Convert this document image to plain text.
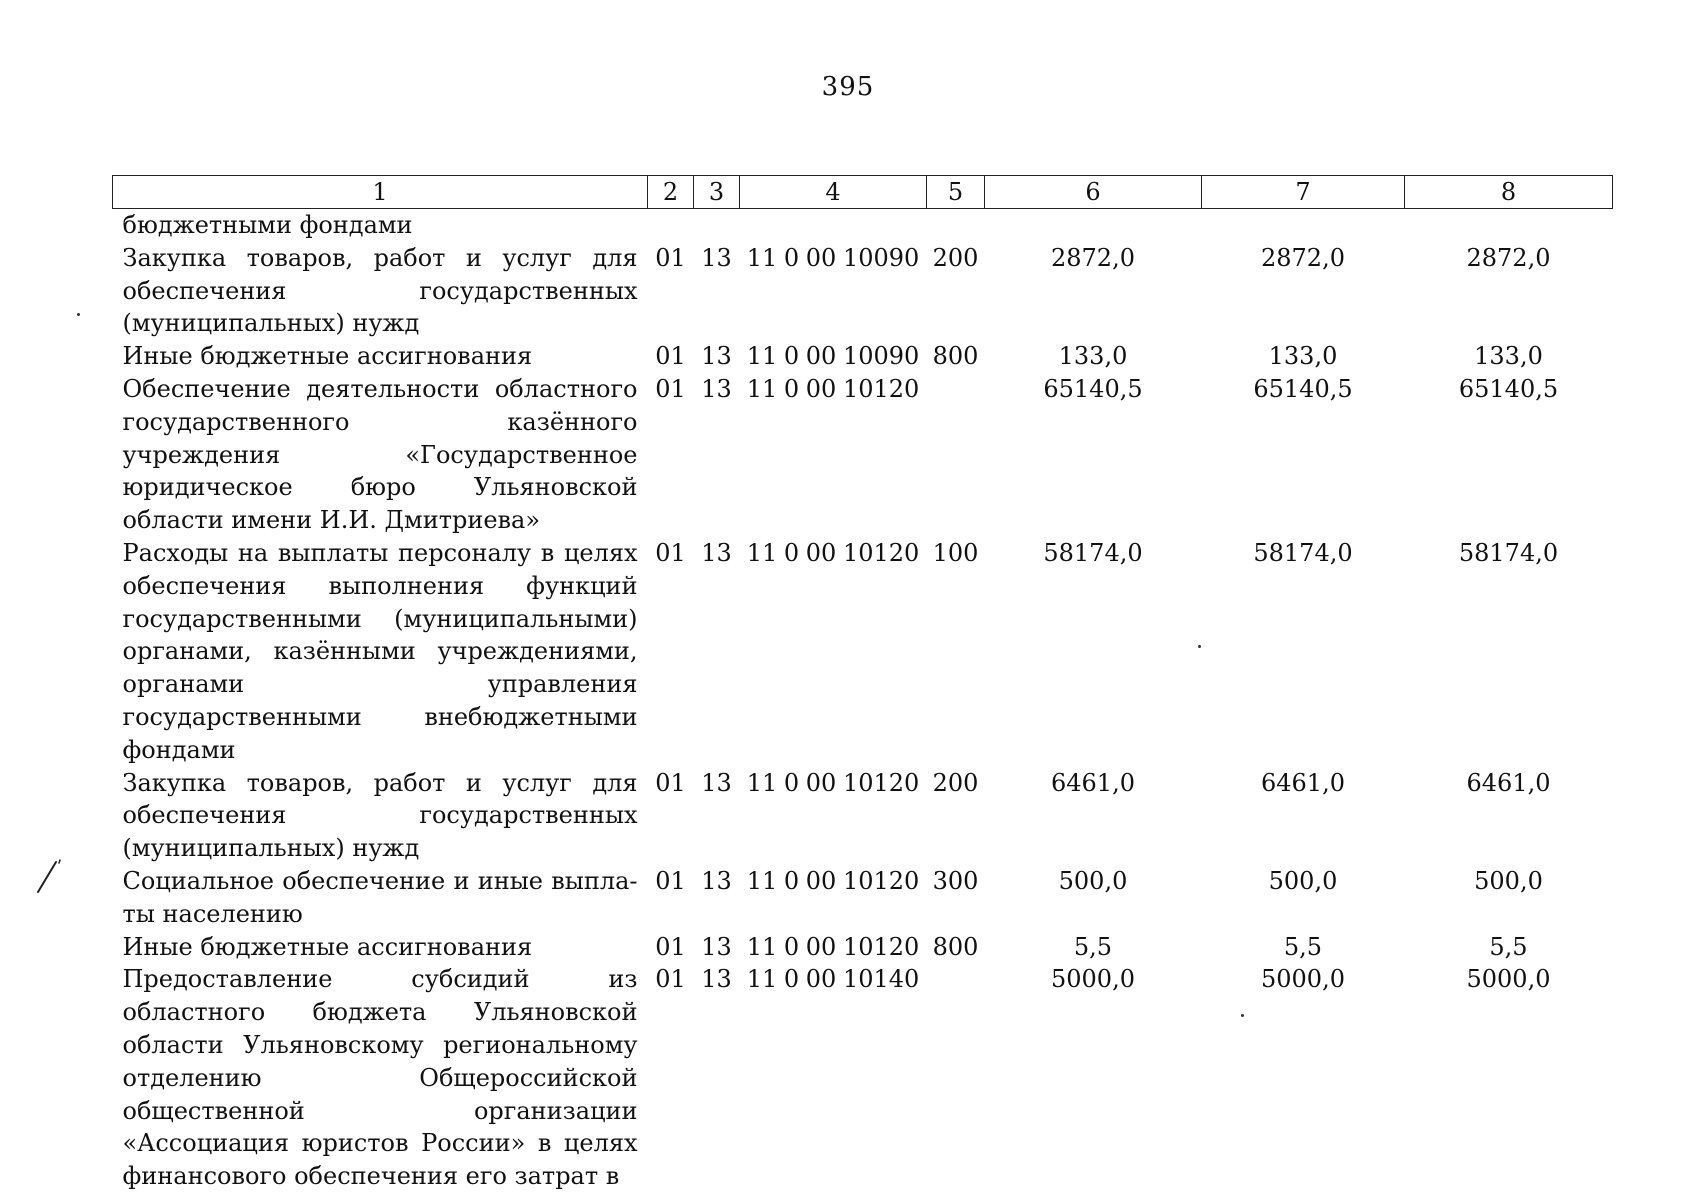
395
1	2	3	4	5	6	7	8
бюджетными фондами							
Закупка товаров, работ и услуг для обеспечения государственных (муниципальных) нужд	01	13	11 0 00 10090	200	2872,0	2872,0	2872,0
Иные бюджетные ассигнования	01	13	11 0 00 10090	800	133,0	133,0	133,0
Обеспечение деятельности областного государственного казённого учреждения «Государственное юридическое бюро Ульяновской области имени И.И. Дмитриева»	01	13	11 0 00 10120		65140,5	65140,5	65140,5
Расходы на выплаты персоналу в целях обеспечения выполнения функций государственными (муниципальными) органами, казёнными учреждениями, органами управления государственными внебюджетными фондами	01	13	11 0 00 10120	100	58174,0	58174,0	58174,0
Закупка товаров, работ и услуг для обеспечения государственных (муниципальных) нужд	01	13	11 0 00 10120	200	6461,0	6461,0	6461,0
Социальное обеспечение и иные выплаты населению	01	13	11 0 00 10120	300	500,0	500,0	500,0
Иные бюджетные ассигнования	01	13	11 0 00 10120	800	5,5	5,5	5,5
Предоставление субсидий из областного бюджета Ульяновской области Ульяновскому региональному отделению Общероссийской общественной организации «Ассоциация юристов России» в целях финансового обеспечения его затрат в	01	13	11 0 00 10140		5000,0	5000,0	5000,0
